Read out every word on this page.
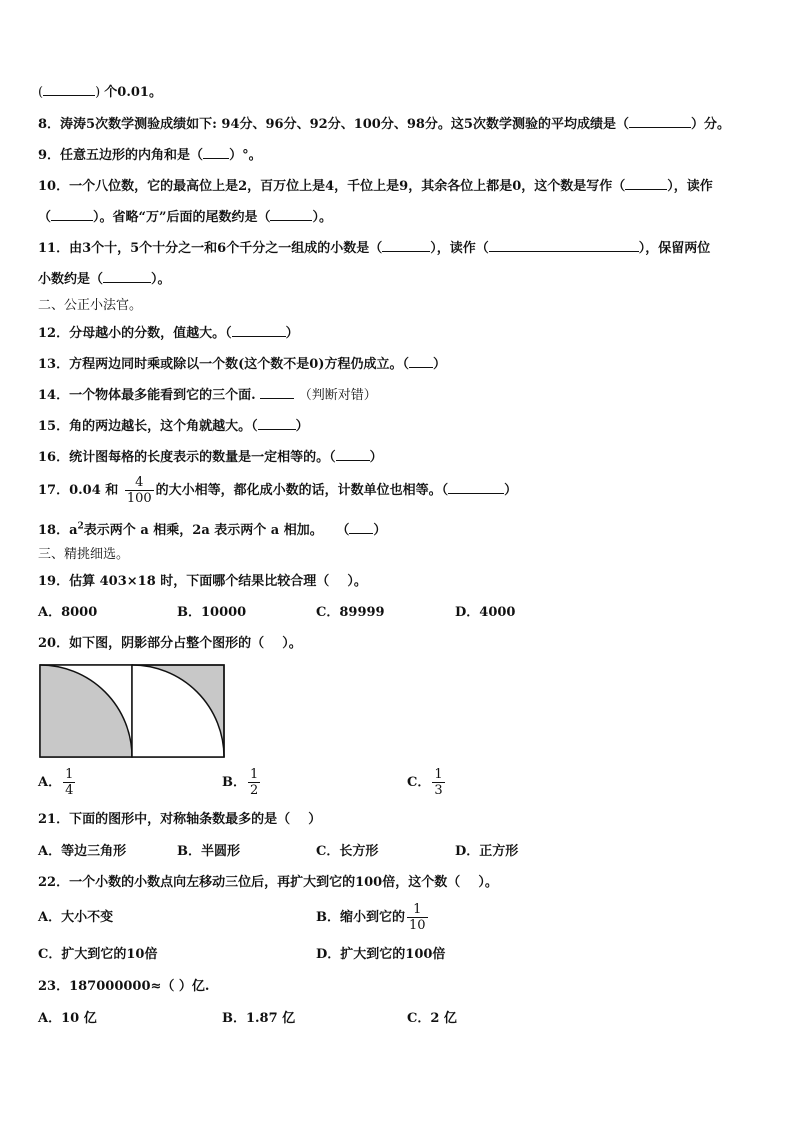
(	) 个0.01。
8．涛涛5次数学测验成绩如下: 94分、96分、92分、100分、98分。这5次数学测验的平均成绩是（	）分。
9．任意五边形的内角和是（ ）°。
10．一个八位数，它的最高位上是2，百万位上是4，千位上是9，其余各位上都是0，这个数是写作（	），读作
（	）。省略“万”后面的尾数约是（	）。
11．由3个十，5个十分之一和6个千分之一组成的小数是（	），读作（	），保留两位
小数约是（	）。
二、公正小法官。
12．分母越小的分数，值越大。（	）
13．方程两边同时乘或除以一个数(这个数不是0)方程仍成立。（ ）
14．一个物体最多能看到它的三个面.	（判断对错）
15．角的两边越长，这个角就越大。（	）
16．统计图每格的长度表示的数量是一定相等的。（	）
17．0.04 和 $\frac{4}{100}$ 的大小相等，都化成小数的话，计数单位也相等。（	）
18．$a^2$表示两个 a 相乘，2a 表示两个 a 相加。 （ ）
三、精挑细选。
19．估算 403×18 时，下面哪个结果比较合理（ ）。
A．8000	B．10000	C．89999	D．4000
20．如下图，阴影部分占整个图形的（ ）。
A． $\frac{1}{4}$	B． $\frac{1}{2}$	C． $\frac{1}{3}$
21．下面的图形中，对称轴条数最多的是（ ）
A．等边三角形	B．半圆形	C．长方形	D．正方形
22．一个小数的小数点向左移动三位后，再扩大到它的100倍，这个数（ ）。
A．大小不变	B．缩小到它的 $\frac{1}{10}$
C．扩大到它的10倍	D．扩大到它的100倍
23．187000000≈（ ）亿.
A．10 亿	B．1.87 亿	C．2 亿
